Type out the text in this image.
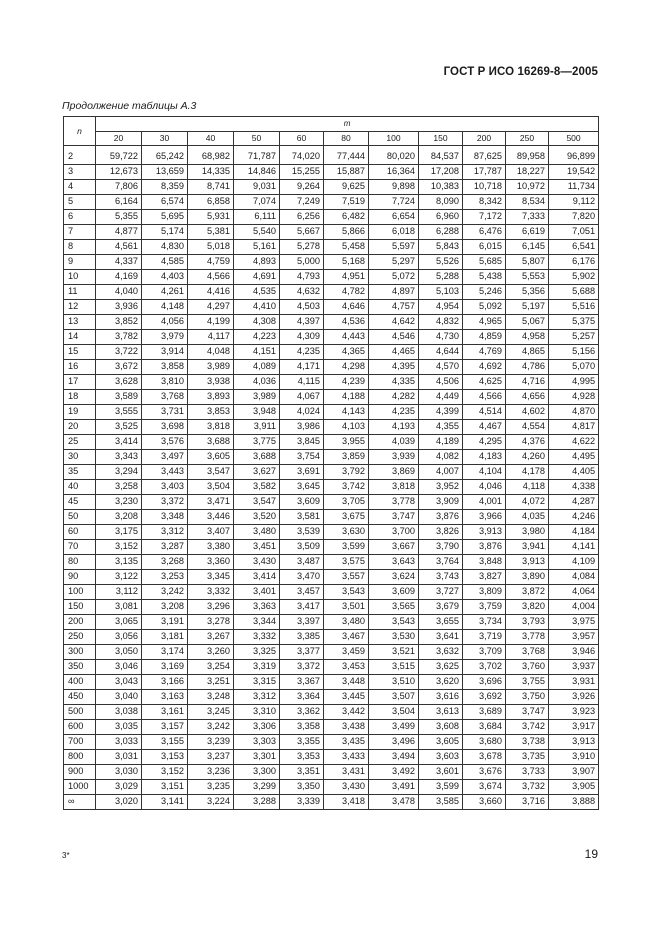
ГОСТ Р ИСО 16269-8—2005
Продолжение таблицы А.3
n	m										
	20	30	40	50	60	80	100	150	200	250	500
2	59,722	65,242	68,982	71,787	74,020	77,444	80,020	84,537	87,625	89,958	96,899
3	12,673	13,659	14,335	14,846	15,255	15,887	16,364	17,208	17,787	18,227	19,542
4	7,806	8,359	8,741	9,031	9,264	9,625	9,898	10,383	10,718	10,972	11,734
5	6,164	6,574	6,858	7,074	7,249	7,519	7,724	8,090	8,342	8,534	9,112
6	5,355	5,695	5,931	6,111	6,256	6,482	6,654	6,960	7,172	7,333	7,820
7	4,877	5,174	5,381	5,540	5,667	5,866	6,018	6,288	6,476	6,619	7,051
8	4,561	4,830	5,018	5,161	5,278	5,458	5,597	5,843	6,015	6,145	6,541
9	4,337	4,585	4,759	4,893	5,000	5,168	5,297	5,526	5,685	5,807	6,176
10	4,169	4,403	4,566	4,691	4,793	4,951	5,072	5,288	5,438	5,553	5,902
11	4,040	4,261	4,416	4,535	4,632	4,782	4,897	5,103	5,246	5,356	5,688
12	3,936	4,148	4,297	4,410	4,503	4,646	4,757	4,954	5,092	5,197	5,516
13	3,852	4,056	4,199	4,308	4,397	4,536	4,642	4,832	4,965	5,067	5,375
14	3,782	3,979	4,117	4,223	4,309	4,443	4,546	4,730	4,859	4,958	5,257
15	3,722	3,914	4,048	4,151	4,235	4,365	4,465	4,644	4,769	4,865	5,156
16	3,672	3,858	3,989	4,089	4,171	4,298	4,395	4,570	4,692	4,786	5,070
17	3,628	3,810	3,938	4,036	4,115	4,239	4,335	4,506	4,625	4,716	4,995
18	3,589	3,768	3,893	3,989	4,067	4,188	4,282	4,449	4,566	4,656	4,928
19	3,555	3,731	3,853	3,948	4,024	4,143	4,235	4,399	4,514	4,602	4,870
20	3,525	3,698	3,818	3,911	3,986	4,103	4,193	4,355	4,467	4,554	4,817
25	3,414	3,576	3,688	3,775	3,845	3,955	4,039	4,189	4,295	4,376	4,622
30	3,343	3,497	3,605	3,688	3,754	3,859	3,939	4,082	4,183	4,260	4,495
35	3,294	3,443	3,547	3,627	3,691	3,792	3,869	4,007	4,104	4,178	4,405
40	3,258	3,403	3,504	3,582	3,645	3,742	3,818	3,952	4,046	4,118	4,338
45	3,230	3,372	3,471	3,547	3,609	3,705	3,778	3,909	4,001	4,072	4,287
50	3,208	3,348	3,446	3,520	3,581	3,675	3,747	3,876	3,966	4,035	4,246
60	3,175	3,312	3,407	3,480	3,539	3,630	3,700	3,826	3,913	3,980	4,184
70	3,152	3,287	3,380	3,451	3,509	3,599	3,667	3,790	3,876	3,941	4,141
80	3,135	3,268	3,360	3,430	3,487	3,575	3,643	3,764	3,848	3,913	4,109
90	3,122	3,253	3,345	3,414	3,470	3,557	3,624	3,743	3,827	3,890	4,084
100	3,112	3,242	3,332	3,401	3,457	3,543	3,609	3,727	3,809	3,872	4,064
150	3,081	3,208	3,296	3,363	3,417	3,501	3,565	3,679	3,759	3,820	4,004
200	3,065	3,191	3,278	3,344	3,397	3,480	3,543	3,655	3,734	3,793	3,975
250	3,056	3,181	3,267	3,332	3,385	3,467	3,530	3,641	3,719	3,778	3,957
300	3,050	3,174	3,260	3,325	3,377	3,459	3,521	3,632	3,709	3,768	3,946
350	3,046	3,169	3,254	3,319	3,372	3,453	3,515	3,625	3,702	3,760	3,937
400	3,043	3,166	3,251	3,315	3,367	3,448	3,510	3,620	3,696	3,755	3,931
450	3,040	3,163	3,248	3,312	3,364	3,445	3,507	3,616	3,692	3,750	3,926
500	3,038	3,161	3,245	3,310	3,362	3,442	3,504	3,613	3,689	3,747	3,923
600	3,035	3,157	3,242	3,306	3,358	3,438	3,499	3,608	3,684	3,742	3,917
700	3,033	3,155	3,239	3,303	3,355	3,435	3,496	3,605	3,680	3,738	3,913
800	3,031	3,153	3,237	3,301	3,353	3,433	3,494	3,603	3,678	3,735	3,910
900	3,030	3,152	3,236	3,300	3,351	3,431	3,492	3,601	3,676	3,733	3,907
1000	3,029	3,151	3,235	3,299	3,350	3,430	3,491	3,599	3,674	3,732	3,905
∞	3,020	3,141	3,224	3,288	3,339	3,418	3,478	3,585	3,660	3,716	3,888
3*	19
